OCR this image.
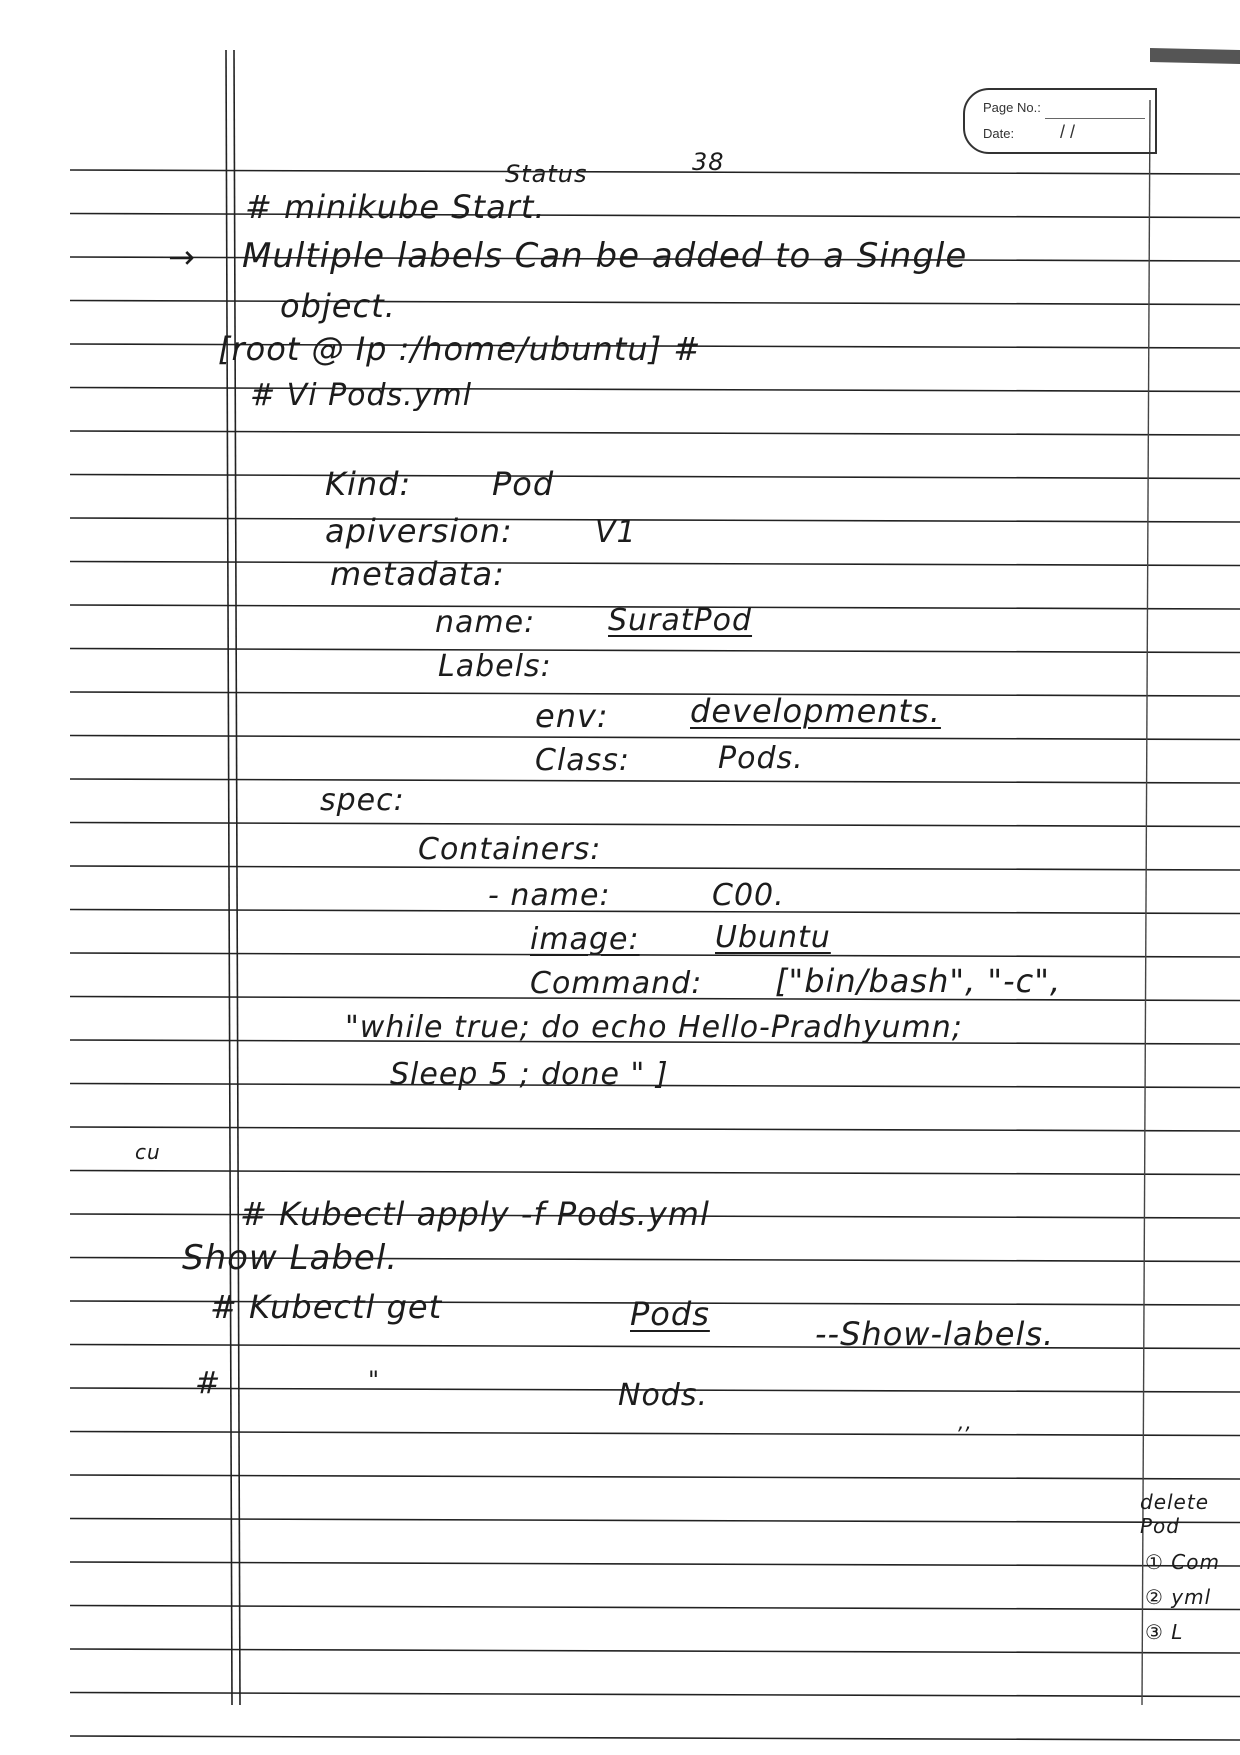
Page No.:
Date:	/ /
38
Status
# minikube Start.
→ Multiple labels Can be added to a Single
object.
[root @ Ip :/home/ubuntu] #
# Vi Pods.yml
Kind:	Pod
apiversion:	V1
metadata:
name: SuratPod
Labels:
env:	developments.
Class:	Pods.
spec:
Containers:
- name:	C00.
image:	Ubuntu
Command: ["bin/bash", "-c",
"while true; do echo Hello-Pradhyumn;
Sleep 5 ; done " ]
cu
# Kubectl apply -f Pods.yml
Show Label.
# Kubectl get	Pods
--Show-labels.
#	"	Nods.
,,
delete Pod
① Com
② yml
③ L
